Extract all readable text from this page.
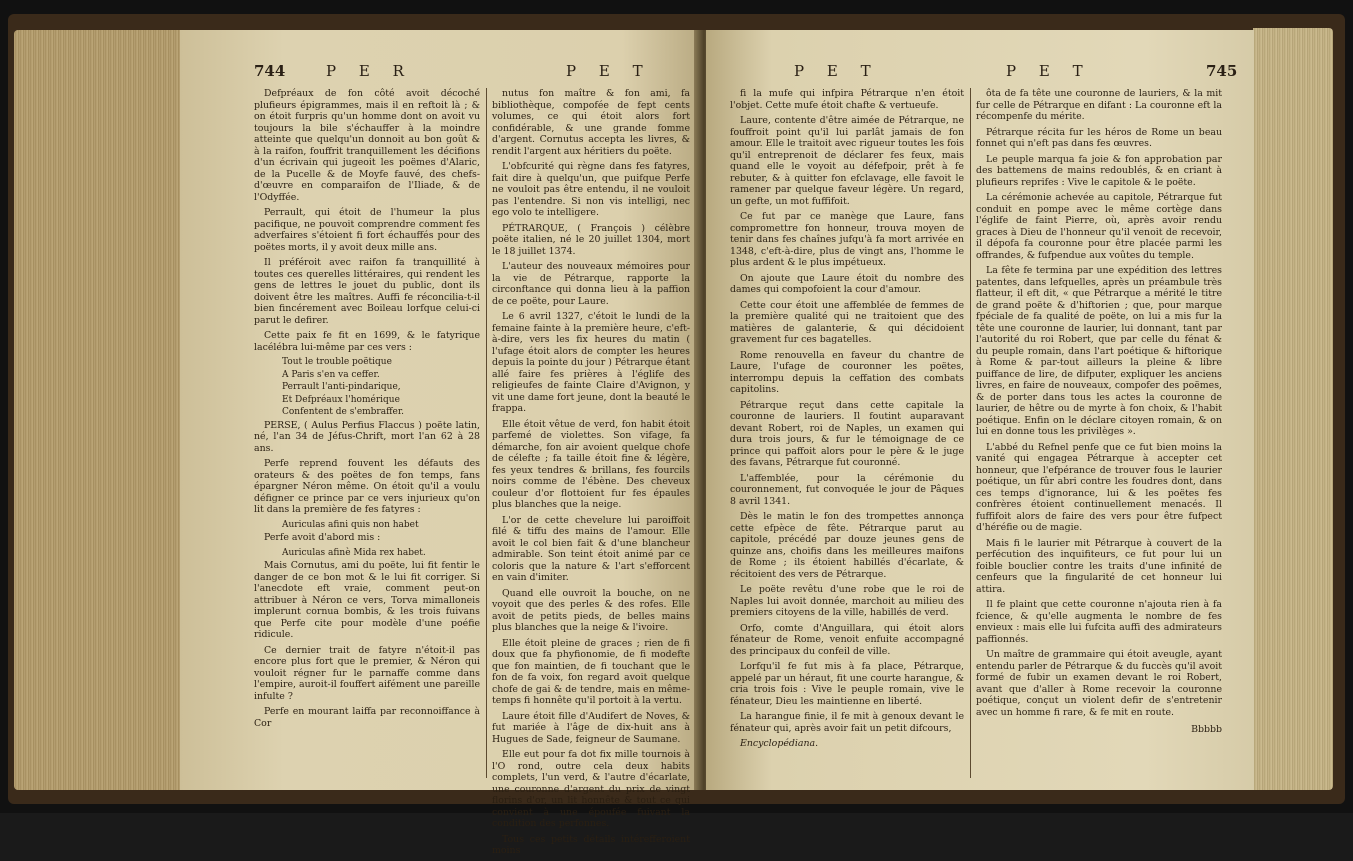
744	P E R	P E T

Defpréaux de fon côté avoit décoché plufieurs épigrammes, mais il en reftoit là ; & on étoit furpris qu'un homme dont on avoit vu toujours la bile s'échauffer à la moindre atteinte que quelqu'un donnoit au bon goût & à la raifon, fouffrit tranquillement les décifions d'un écrivain qui jugeoit les poëmes d'Alaric, de la Pucelle & de Moyfe fauvé, des chefs-d'œuvre en comparaifon de l'Iliade, & de l'Odyffée.

Perrault, qui étoit de l'humeur la plus pacifique, ne pouvoit comprendre comment fes adverfaires s'étoient fi fort échauffés pour des poëtes morts, il y avoit deux mille ans.

Il préféroit avec raifon fa tranquillité à toutes ces querelles littéraires, qui rendent les gens de lettres le jouet du public, dont ils doivent être les maîtres. Auffi fe réconcilia-t-il bien fincérement avec Boileau lorfque celui-ci parut le defirer.

Cette paix fe fit en 1699, & le fatyrique lacélébra lui-même par ces vers :

Tout le trouble poëtique

A Paris s'en va ceffer.

Perrault l'anti-pindarique,

Et Defpréaux l'homérique

Confentent de s'embraffer.

PERSE, ( Aulus Perfius Flaccus ) poëte latin, né, l'an 34 de Jéfus-Chrift, mort l'an 62 à 28 ans.

Perfe reprend fouvent les défauts des orateurs & des poëtes de fon temps, fans épargner Néron même. On étoit qu'il a voulu défigner ce prince par ce vers injurieux qu'on lit dans la première de fes fatyres :

Auriculas afini quis non habet

Perfe avoit d'abord mis :

Auriculas afinè Mida rex habet.

Mais Cornutus, ami du poëte, lui fit fentir le danger de ce bon mot & le lui fit corriger. Si l'anecdote eft vraie, comment peut-on attribuer à Néron ce vers, Torva mimalloneis implerunt cornua bombis, & les trois fuivans que Perfe cite pour modèle d'une poéfie ridicule.

Ce dernier trait de fatyre n'étoit-il pas encore plus fort que le premier, & Néron qui vouloit régner fur le parnaffe comme dans l'empire, auroit-il fouffert aifément une pareille infulte ?

Perfe en mourant laiffa par reconnoiffance à Cor

nutus fon maître & fon ami, fa bibliothèque, compofée de fept cents volumes, ce qui étoit alors fort confidérable, & une grande fomme d'argent. Cornutus accepta les livres, & rendit l'argent aux héritiers du poëte.

L'obfcurité qui règne dans fes fatyres, fait dire à quelqu'un, que puifque Perfe ne vouloit pas être entendu, il ne vouloit pas l'entendre. Si non vis intelligi, nec ego volo te intelligere.

PÉTRARQUE, ( François ) célèbre poëte italien, né le 20 juillet 1304, mort le 18 juillet 1374.

L'auteur des nouveaux mémoires pour la vie de Pétrarque, rapporte la circonftance qui donna lieu à la paffion de ce poëte, pour Laure.

Le 6 avril 1327, c'étoit le lundi de la femaine fainte à la première heure, c'eft-à-dire, vers les fix heures du matin ( l'ufage étoit alors de compter les heures depuis la pointe du jour ) Pétrarque étant allé faire fes prières à l'églife des religieufes de fainte Claire d'Avignon, y vit une dame fort jeune, dont la beauté le frappa.

Elle étoit vêtue de verd, fon habit étoit parfemé de violettes. Son vifage, fa démarche, fon air avoient quelque chofe de célefte ; fa taille étoit fine & légère, fes yeux tendres & brillans, fes fourcils noirs comme de l'ébène. Des cheveux couleur d'or flottoient fur fes épaules plus blanches que la neige.

L'or de cette chevelure lui paroiffoit filé & tiffu des mains de l'amour. Elle avoit le col bien fait & d'une blancheur admirable. Son teint étoit animé par ce coloris que la nature & l'art s'efforcent en vain d'imiter.

Quand elle ouvroit la bouche, on ne voyoit que des perles & des rofes. Elle avoit de petits pieds, de belles mains plus blanches que la neige & l'ivoire.

Elle étoit pleine de graces ; rien de fi doux que fa phyfionomie, de fi modefte que fon maintien, de fi touchant que le fon de fa voix, fon regard avoit quelque chofe de gai & de tendre, mais en même-temps fi honnête qu'il portoit à la vertu.

Laure étoit fille d'Audifert de Noves, & fut mariée à l'âge de dix-huit ans à Hugues de Sade, feigneur de Saumane.

Elle eut pour fa dot fix mille tournois à l'O rond, outre cela deux habits complets, l'un verd, & l'autre d'écarlate, une couronne d'argent du prix de vingt florins d'or, un lit honnête & tout ce qui convient à une époufée fuivant la condition des perfonnes.

Tous ces petits détails intérefferoient moins

P E T	P E T	745

fi la mufe qui infpira Pétrarque n'en étoit l'objet. Cette mufe étoit chafte & vertueufe.

Laure, contente d'être aimée de Pétrarque, ne fouffroit point qu'il lui parlât jamais de fon amour. Elle le traitoit avec rigueur toutes les fois qu'il entreprenoit de déclarer fes feux, mais quand elle le voyoit au défefpoir, prêt à fe rebuter, & à quitter fon efclavage, elle favoit le ramener par quelque faveur légère. Un regard, un gefte, un mot fuffifoit.

Ce fut par ce manège que Laure, fans compromettre fon honneur, trouva moyen de tenir dans fes chaînes jufqu'à fa mort arrivée en 1348, c'eft-à-dire, plus de vingt ans, l'homme le plus ardent & le plus impétueux.

On ajoute que Laure étoit du nombre des dames qui compofoient la cour d'amour.

Cette cour étoit une affemblée de femmes de la première qualité qui ne traitoient que des matières de galanterie, & qui décidoient gravement fur ces bagatelles.

Rome renouvella en faveur du chantre de Laure, l'ufage de couronner les poëtes, interrompu depuis la ceffation des combats capitolins.

Pétrarque reçut dans cette capitale la couronne de lauriers. Il foutint auparavant devant Robert, roi de Naples, un examen qui dura trois jours, & fur le témoignage de ce prince qui paffoit alors pour le père & le juge des favans, Pétrarque fut couronné.

L'affemblée, pour la cérémonie du couronnement, fut convoquée le jour de Pâques 8 avril 1341.

Dès le matin le fon des trompettes annonça cette efpèce de fête. Pétrarque parut au capitole, précédé par douze jeunes gens de quinze ans, choifis dans les meilleures maifons de Rome ; ils étoient habillés d'écarlate, & récitoient des vers de Pétrarque.

Le poëte revêtu d'une robe que le roi de Naples lui avoit donnée, marchoit au milieu des premiers citoyens de la ville, habillés de verd.

Orfo, comte d'Anguillara, qui étoit alors fénateur de Rome, venoit enfuite accompagné des principaux du confeil de ville.

Lorfqu'il fe fut mis à fa place, Pétrarque, appelé par un héraut, fit une courte harangue, & cria trois fois : Vive le peuple romain, vive le fénateur, Dieu les maintienne en liberté.

La harangue finie, il fe mit à genoux devant le fénateur qui, après avoir fait un petit difcours,

Encyclopédiana.

ôta de fa tête une couronne de lauriers, & la mit fur celle de Pétrarque en difant : La couronne eft la récompenfe du mérite.

Pétrarque récita fur les héros de Rome un beau fonnet qui n'eft pas dans fes œuvres.

Le peuple marqua fa joie & fon approbation par des battemens de mains redoublés, & en criant à plufieurs reprifes : Vive le capitole & le poëte.

La cérémonie achevée au capitole, Pétrarque fut conduit en pompe avec le même cortège dans l'églife de faint Pierre, où, après avoir rendu graces à Dieu de l'honneur qu'il venoit de recevoir, il dépofa fa couronne pour être placée parmi les offrandes, & fufpendue aux voûtes du temple.

La fête fe termina par une expédition des lettres patentes, dans lefquelles, après un préambule très flatteur, il eft dit, « que Pétrarque a mérité le titre de grand poëte & d'hiftorien ; que, pour marque fpéciale de fa qualité de poëte, on lui a mis fur la tête une couronne de laurier, lui donnant, tant par l'autorité du roi Robert, que par celle du fénat & du peuple romain, dans l'art poétique & hiftorique à Rome & par-tout ailleurs la pleine & libre puiffance de lire, de difputer, expliquer les anciens livres, en faire de nouveaux, compofer des poëmes, & de porter dans tous les actes la couronne de laurier, de hêtre ou de myrte à fon choix, & l'habit poétique. Enfin on le déclare citoyen romain, & on lui en donne tous les privilèges ».

L'abbé du Refnel penfe que ce fut bien moins la vanité qui engagea Pétrarque à accepter cet honneur, que l'efpérance de trouver fous le laurier poétique, un fûr abri contre les foudres dont, dans ces temps d'ignorance, lui & les poëtes fes confrères étoient continuellement menacés. Il fuffifoit alors de faire des vers pour être fufpect d'héréfie ou de magie.

Mais fi le laurier mit Pétrarque à couvert de la perfécution des inquifiteurs, ce fut pour lui un foible bouclier contre les traits d'une infinité de cenfeurs que la fingularité de cet honneur lui attira.

Il fe plaint que cette couronne n'ajouta rien à fa fcience, & qu'elle augmenta le nombre de fes envieux : mais elle lui fufcita auffi des admirateurs paffionnés.

Un maître de grammaire qui étoit aveugle, ayant entendu parler de Pétrarque & du fuccès qu'il avoit formé de fubir un examen devant le roi Robert, avant que d'aller à Rome recevoir la couronne poétique, conçut un violent defir de s'entretenir avec un homme fi rare, & fe mit en route.

Bbbbb
